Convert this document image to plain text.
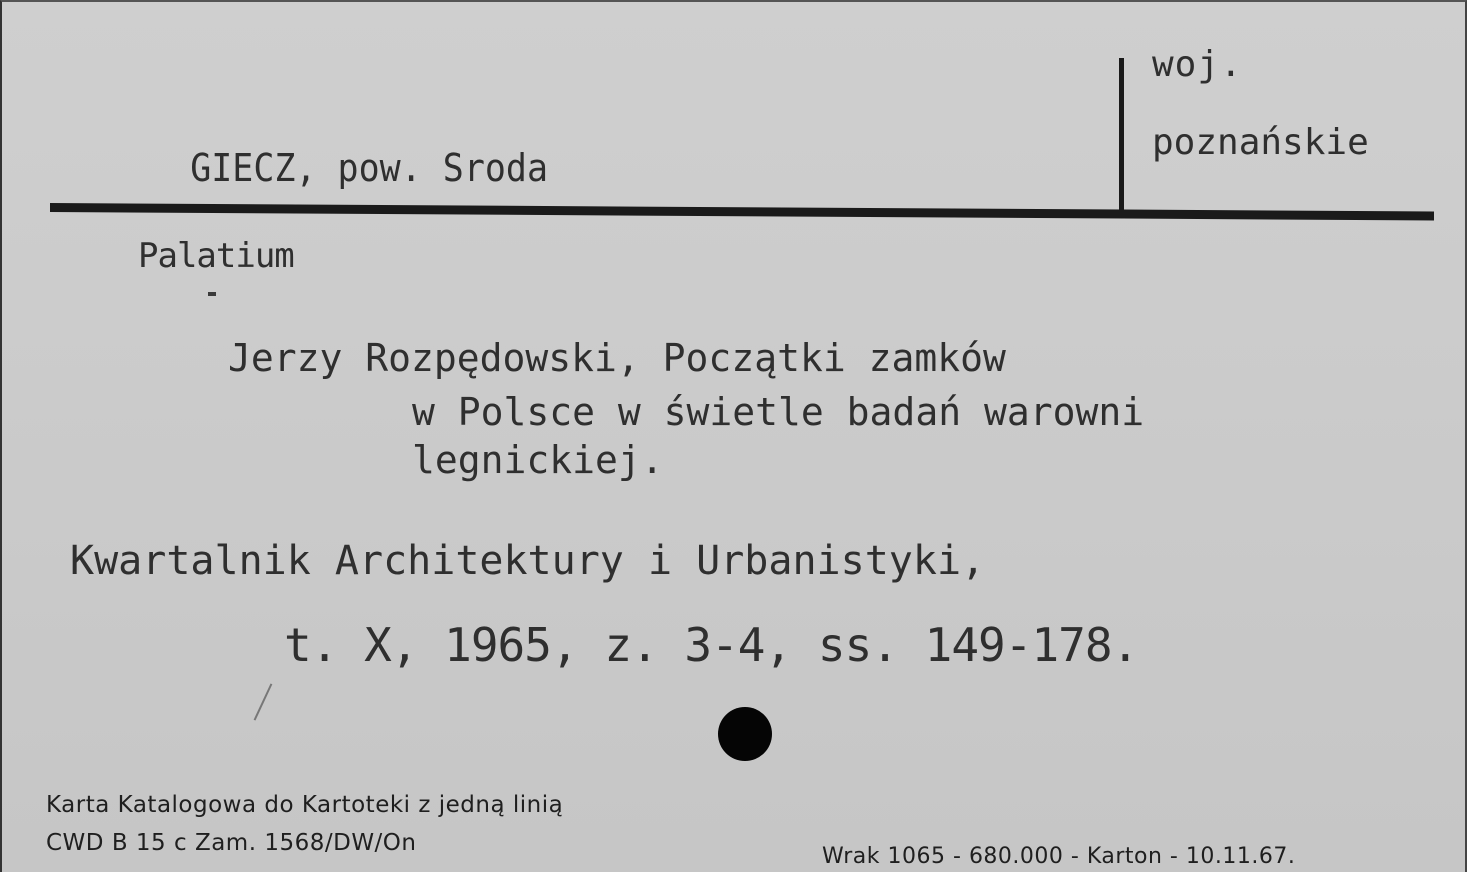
GIECZ, pow. Sroda

woj.
poznańskie
Palatium
Jerzy Rozpędowski, Początki zamków
w Polsce w świetle badań warowni
legnickiej.
Kwartalnik Architektury i Urbanistyki,
t. X, 1965, z. 3-4, ss. 149-178.
Karta Katalogowa do Kartoteki z jedną linią
CWD B 15 c Zam. 1568/DW/On
Wrak 1065 - 680.000 - Karton - 10.11.67.
